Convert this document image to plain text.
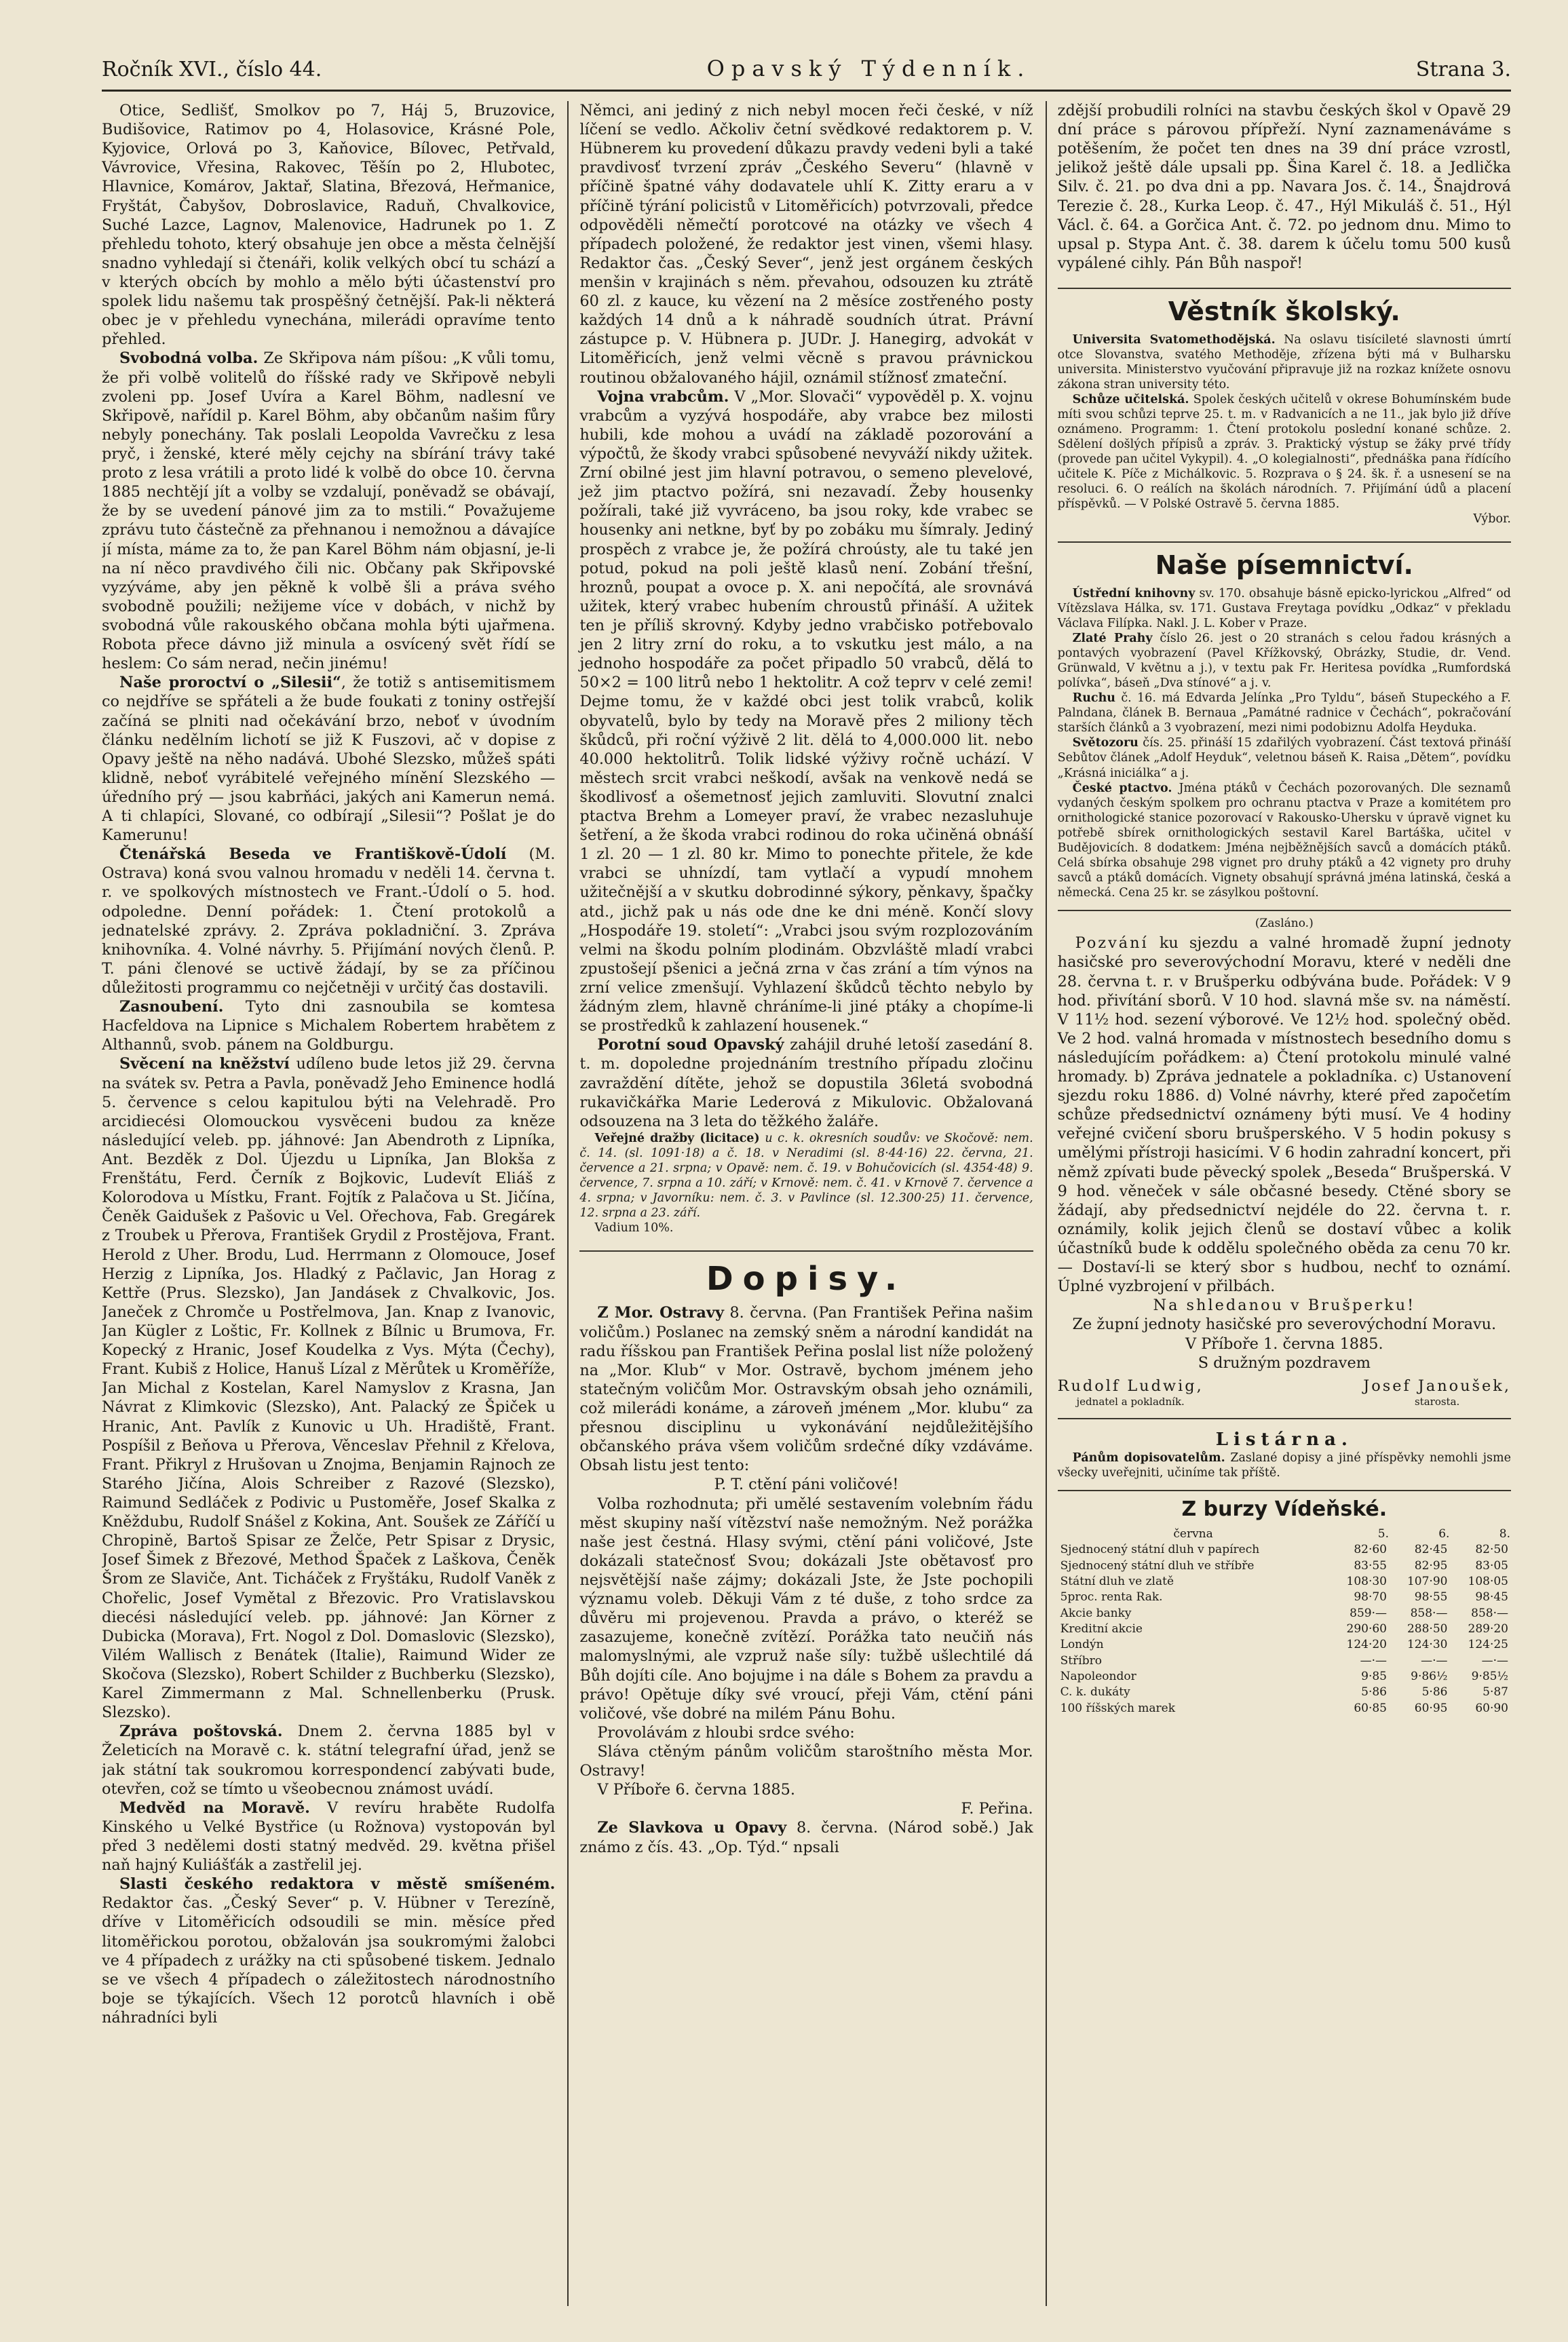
Ročník XVI., číslo 44.	Opavský Týdenník.	Strana 3.

Otice, Sedlišť, Smolkov po 7, Háj 5, Bruzovice, Budišovice, Ratimov po 4, Holasovice, Krásné Pole, Kyjovice, Orlová po 3, Kaňovice, Bílovec, Petřvald, Vávrovice, Vřesina, Rakovec, Těšín po 2, Hlubotec, Hlavnice, Komárov, Jaktař, Slatina, Březová, Heřmanice, Fryštát, Čabyšov, Dobroslavice, Raduň, Chvalkovice, Suché Lazce, Lagnov, Malenovice, Hadrunek po 1. Z přehledu tohoto, který obsahuje jen obce a města čelnější snadno vyhledají si čtenáři, kolik velkých obcí tu schází a v kterých obcích by mohlo a mělo býti účastenství pro spolek lidu našemu tak prospěšný četnější. Pak-li některá obec je v přehledu vynechána, milerádi opravíme tento přehled.

Svobodná volba. Ze Skřipova nám píšou: „K vůli tomu, že při volbě volitelů do říšské rady ve Skřipově nebyli zvoleni pp. Josef Uvíra a Karel Böhm, nadlesní ve Skřipově, nařídil p. Karel Böhm, aby občanům našim fůry nebyly ponechány. Tak poslali Leopolda Vavrečku z lesa pryč, i ženské, které měly cejchy na sbírání trávy také proto z lesa vrátili a proto lidé k volbě do obce 10. června 1885 nechtějí jít a volby se vzdalují, poněvadž se obávají, že by se uvedení pánové jim za to mstili.“ Považujeme zprávu tuto částečně za přehnanou i nemožnou a dávajíce jí místa, máme za to, že pan Karel Böhm nám objasní, je-li na ní něco pravdivého čili nic. Občany pak Skřipovské vyzýváme, aby jen pěkně k volbě šli a práva svého svobodně použili; nežijeme více v dobách, v nichž by svobodná vůle rakouského občana mohla býti ujařmena. Robota přece dávno již minula a osvícený svět řídí se heslem: Co sám nerad, nečin jinému!

Naše proroctví o „Silesii“, že totiž s antisemitismem co nejdříve se spřáteli a že bude foukati z toniny ostřejší začíná se plniti nad očekávání brzo, neboť v úvodním článku nedělním lichotí se již K Fuszovi, ač v dopise z Opavy ještě na něho nadává. Ubohé Slezsko, můžeš spáti klidně, neboť vyrábitelé veřejného mínění Slezského — úředního prý — jsou kabrňáci, jakých ani Kamerun nemá. A ti chlapíci, Slované, co odbírají „Silesii“? Pošlat je do Kamerunu!

Čtenářská Beseda ve Františkově-Údolí (M. Ostrava) koná svou valnou hromadu v neděli 14. června t. r. ve spolkových místnostech ve Frant.-Údolí o 5. hod. odpoledne. Denní pořádek: 1. Čtení protokolů a jednatelské zprávy. 2. Zpráva pokladniční. 3. Zpráva knihovníka. 4. Volné návrhy. 5. Přijímání nových členů. P. T. páni členové se uctivě žádají, by se za příčinou důležitosti programmu co nejčetněji v určitý čas dostavili.

Zasnoubení. Tyto dni zasnoubila se komtesa Hacfeldova na Lipnice s Michalem Robertem hrabětem z Althannů, svob. pánem na Goldburgu.

Svěcení na kněžství udíleno bude letos již 29. června na svátek sv. Petra a Pavla, poněvadž Jeho Eminence hodlá 5. července s celou kapitulou býti na Velehradě. Pro arcidiecési Olomouckou vysvěceni budou za kněze následující veleb. pp. jáhnové: Jan Abendroth z Lipníka, Ant. Bezděk z Dol. Újezdu u Lipníka, Jan Blokša z Frenštátu, Ferd. Černík z Bojkovic, Ludevít Eliáš z Kolorodova u Místku, Frant. Fojtík z Palačova u St. Jičína, Čeněk Gaidušek z Pašovic u Vel. Ořechova, Fab. Gregárek z Troubek u Přerova, František Grydil z Prostějova, Frant. Herold z Uher. Brodu, Lud. Herrmann z Olomouce, Josef Herzig z Lipníka, Jos. Hladký z Pačlavic, Jan Horag z Kettře (Prus. Slezsko), Jan Jandásek z Chvalkovic, Jos. Janeček z Chromče u Postřelmova, Jan. Knap z Ivanovic, Jan Kügler z Loštic, Fr. Kollnek z Bílnic u Brumova, Fr. Kopecký z Hranic, Josef Koudelka z Vys. Mýta (Čechy), Frant. Kubiš z Holice, Hanuš Lízal z Měrůtek u Kroměříže, Jan Michal z Kostelan, Karel Namyslov z Krasna, Jan Návrat z Klimkovic (Slezsko), Ant. Palacký ze Špiček u Hranic, Ant. Pavlík z Kunovic u Uh. Hradiště, Frant. Pospíšil z Beňova u Přerova, Věnceslav Přehnil z Křelova, Frant. Přikryl z Hrušovan u Znojma, Benjamin Rajnoch ze Starého Jičína, Alois Schreiber z Razové (Slezsko), Raimund Sedláček z Podivic u Pustoměře, Josef Skalka z Kněždubu, Rudolf Snášel z Kokina, Ant. Soušek ze Záříčí u Chropině, Bartoš Spisar ze Želče, Petr Spisar z Drysic, Josef Šimek z Březové, Method Špaček z Laškova, Čeněk Šrom ze Slaviče, Ant. Ticháček z Fryštáku, Rudolf Vaněk z Chořelic, Josef Vymětal z Březovic. Pro Vratislavskou diecési následující veleb. pp. jáhnové: Jan Körner z Dubicka (Morava), Frt. Nogol z Dol. Domaslovic (Slezsko), Vilém Wallisch z Benátek (Italie), Raimund Wider ze Skočova (Slezsko), Robert Schilder z Buchberku (Slezsko), Karel Zimmermann z Mal. Schnellenberku (Prusk. Slezsko).

Zpráva poštovská. Dnem 2. června 1885 byl v Želeticích na Moravě c. k. státní telegrafní úřad, jenž se jak státní tak soukromou korrespondencí zabývati bude, otevřen, což se tímto u všeobecnou známost uvádí.

Medvěd na Moravě. V revíru hraběte Rudolfa Kinského u Velké Bystřice (u Rožnova) vystopován byl před 3 nedělemi dosti statný medvěd. 29. května přišel naň hajný Kuliášťák a zastřelil jej.

Slasti českého redaktora v městě smíšeném. Redaktor čas. „Český Sever“ p. V. Hübner v Terezíně, dříve v Litoměřicích odsoudili se min. měsíce před litoměřickou porotou, obžalován jsa soukromými žalobci ve 4 případech z urážky na cti spůsobené tiskem. Jednalo se ve všech 4 případech o záležitostech národnostního boje se týkajících. Všech 12 porotců hlavních i obě náhradníci byli

Němci, ani jediný z nich nebyl mocen řeči české, v níž líčení se vedlo. Ačkoliv četní svědkové redaktorem p. V. Hübnerem ku provedení důkazu pravdy vedeni byli a také pravdivosť tvrzení zpráv „Českého Severu“ (hlavně v příčině špatné váhy dodavatele uhlí K. Zitty eraru a v příčině týrání policistů v Litoměřicích) potvrzovali, předce odpověděli němečtí porotcové na otázky ve všech 4 případech položené, že redaktor jest vinen, všemi hlasy. Redaktor čas. „Český Sever“, jenž jest orgánem českých menšin v krajinách s něm. převahou, odsouzen ku ztrátě 60 zl. z kauce, ku vězení na 2 měsíce zostřeného posty každých 14 dnů a k náhradě soudních útrat. Právní zástupce p. V. Hübnera p. JUDr. J. Hanegirg, advokát v Litoměřicích, jenž velmi věcně s pravou právnickou routinou obžalovaného hájil, oznámil stížnosť zmateční.

Vojna vrabcům. V „Mor. Slovači“ vypověděl p. X. vojnu vrabcům a vyzývá hospodáře, aby vrabce bez milosti hubili, kde mohou a uvádí na základě pozorování a výpočtů, že škody vrabci spůsobené nevyváží nikdy užitek. Zrní obilné jest jim hlavní potravou, o semeno plevelové, jež jim ptactvo požírá, sni nezavadí. Žeby housenky požírali, také již vyvráceno, ba jsou roky, kde vrabec se housenky ani netkne, byť by po zobáku mu šímraly. Jediný prospěch z vrabce je, že požírá chroústy, ale tu také jen potud, pokud na poli ještě klasů není. Zobání třešní, hroznů, poupat a ovoce p. X. ani nepočítá, ale srovnává užitek, který vrabec hubením chroustů přináší. A užitek ten je příliš skrovný. Kdyby jedno vrabčisko potřebovalo jen 2 litry zrní do roku, a to vskutku jest málo, a na jednoho hospodáře za počet připadlo 50 vrabců, dělá to 50×2 = 100 litrů nebo 1 hektolitr. A což teprv v celé zemi! Dejme tomu, že v každé obci jest tolik vrabců, kolik obyvatelů, bylo by tedy na Moravě přes 2 miliony těch škůdců, při roční výživě 2 lit. dělá to 4,000.000 lit. nebo 40.000 hektolitrů. Tolik lidské výživy ročně uchází. V městech srcit vrabci neškodí, avšak na venkově nedá se škodlivosť a ošemetnosť jejich zamluviti. Slovutní znalci ptactva Brehm a Lomeyer praví, že vrabec nezasluhuje šetření, a že škoda vrabci rodinou do roka učiněná obnáší 1 zl. 20 — 1 zl. 80 kr. Mimo to ponechte přitele, že kde vrabci se uhnízdí, tam vytlačí a vypudí mnohem užitečnější a v skutku dobrodinné sýkory, pěnkavy, špačky atd., jichž pak u nás ode dne ke dni méně. Končí slovy „Hospodáře 19. století“: „Vrabci jsou svým rozplozováním velmi na škodu polním plodinám. Obzvláště mladí vrabci zpustošejí pšenici a ječná zrna v čas zrání a tím výnos na zrní velice zmenšují. Vyhlazení škůdců těchto nebylo by žádným zlem, hlavně chráníme-li jiné ptáky a chopíme-li se prostředků k zahlazení housenek.“

Porotní soud Opavský zahájil druhé letoší zasedání 8. t. m. dopoledne projednáním trestního případu zločinu zavraždění dítěte, jehož se dopustila 36letá svobodná rukavičkářka Marie Lederová z Mikulovic. Obžalovaná odsouzena na 3 leta do těžkého žaláře.

Veřejné dražby (licitace) u c. k. okresních soudův: ve Skočově: nem. č. 14. (sl. 1091·18) a č. 18. v Neradimi (sl. 8·44·16) 22. června, 21. července a 21. srpna; v Opavě: nem. č. 19. v Bohučovicích (sl. 4354·48) 9. července, 7. srpna a 10. září; v Krnově: nem. č. 41. v Krnově 7. července a 4. srpna; v Javorníku: nem. č. 3. v Pavlince (sl. 12.300·25) 11. července, 12. srpna a 23. září.

Vadium 10%.

Dopisy.

Z Mor. Ostravy 8. června. (Pan František Peřina našim voličům.) Poslanec na zemský sněm a národní kandidát na radu říšskou pan František Peřina poslal list níže položený na „Mor. Klub“ v Mor. Ostravě, bychom jménem jeho statečným voličům Mor. Ostravským obsah jeho oznámili, což milerádi konáme, a zároveň jménem „Mor. klubu“ za přesnou disciplinu u vykonávání nejdůležitějšího občanského práva všem voličům srdečné díky vzdáváme. Obsah listu jest tento:

P. T. ctění páni voličové!

Volba rozhodnuta; při umělé sestavením volebním řádu měst skupiny naší vítězství naše nemožným. Než porážka naše jest čestná. Hlasy svými, ctění páni voličové, Jste dokázali statečnosť Svou; dokázali Jste obětavosť pro nejsvětější naše zájmy; dokázali Jste, že Jste pochopili významu voleb. Děkuji Vám z té duše, z toho srdce za důvěru mi projevenou. Pravda a právo, o kteréž se zasazujeme, konečně zvítězí. Porážka tato neučiň nás malomyslnými, ale vzpruž naše síly: tužbě ušlechtilé dá Bůh dojíti cíle. Ano bojujme i na dále s Bohem za pravdu a právo! Opětuje díky své vroucí, přeji Vám, ctění páni voličové, vše dobré na milém Pánu Bohu.

Provolávám z hloubi srdce svého:

Sláva ctěným pánům voličům staroštního města Mor. Ostravy!

V Příboře 6. června 1885.

F. Peřina.

Ze Slavkova u Opavy 8. června. (Národ sobě.) Jak známo z čís. 43. „Op. Týd.“ npsali

zdější probudili rolníci na stavbu českých škol v Opavě 29 dní práce s párovou přípřeží. Nyní zaznamenáváme s potěšením, že počet ten dnes na 39 dní práce vzrostl, jelikož ještě dále upsali pp. Šina Karel č. 18. a Jedlička Silv. č. 21. po dva dni a pp. Navara Jos. č. 14., Šnajdrová Terezie č. 28., Kurka Leop. č. 47., Hýl Mikuláš č. 51., Hýl Václ. č. 64. a Gorčica Ant. č. 72. po jednom dnu. Mimo to upsal p. Stypa Ant. č. 38. darem k účelu tomu 500 kusů vypálené cihly. Pán Bůh naspoř!

Věstník školský.

Universita Svatomethodějská. Na oslavu tisícileté slavnosti úmrtí otce Slovanstva, svatého Methoděje, zřízena býti má v Bulharsku universita. Ministerstvo vyučování připravuje již na rozkaz knížete osnovu zákona stran university této.

Schůze učitelská. Spolek českých učitelů v okrese Bohumínském bude míti svou schůzi teprve 25. t. m. v Radvanicích a ne 11., jak bylo již dříve oznámeno. Programm: 1. Čtení protokolu poslední konané schůze. 2. Sdělení došlých přípisů a zpráv. 3. Praktický výstup se žáky prvé třídy (provede pan učitel Vykypil). 4. „O kolegialnosti“, přednáška pana řídícího učitele K. Píče z Michálkovic. 5. Rozprava o § 24. šk. ř. a usnesení se na resoluci. 6. O reálích na školách národních. 7. Přijímání údů a placení příspěvků. — V Polské Ostravě 5. června 1885.

Výbor.

Naše písemnictví.

Ústřední knihovny sv. 170. obsahuje básně epicko-lyrickou „Alfred“ od Vítězslava Hálka, sv. 171. Gustava Freytaga povídku „Odkaz“ v překladu Václava Filípka. Nakl. J. L. Kober v Praze.

Zlaté Prahy číslo 26. jest o 20 stranách s celou řadou krásných a pontavých vyobrazení (Pavel Křížkovský, Obrázky, Studie, dr. Vend. Grünwald, V květnu a j.), v textu pak Fr. Heritesa povídka „Rumfordská polívka“, báseň „Dva stínové“ a j. v.

Ruchu č. 16. má Edvarda Jelínka „Pro Tyldu“, báseň Stupeckého a F. Palndana, článek B. Bernaua „Památné radnice v Čechách“, pokračování starších článků a 3 vyobrazení, mezi nimi podobiznu Adolfa Heyduka.

Světozoru čís. 25. přináší 15 zdařilých vyobrazení. Část textová přináší Sebůtov článek „Adolf Heyduk“, veletnou báseň K. Raisa „Dětem“, povídku „Krásná iniciálka“ a j.

České ptactvo. Jména ptáků v Čechách pozorovaných. Dle seznamů vydaných českým spolkem pro ochranu ptactva v Praze a komitétem pro ornithologické stanice pozorovací v Rakousko-Uhersku v úpravě vignet ku potřebě sbírek ornithologických sestavil Karel Bartáška, učitel v Budějovicích. 8 dodatkem: Jména nejběžnějších savců a domácích ptáků. Celá sbírka obsahuje 298 vignet pro druhy ptáků a 42 vignety pro druhy savců a ptáků domácích. Vignety obsahují správná jména latinská, česká a německá. Cena 25 kr. se zásylkou poštovní.

(Zasláno.)

Pozvání ku sjezdu a valné hromadě župní jednoty hasičské pro severovýchodní Moravu, které v neděli dne 28. června t. r. v Brušperku odbývána bude. Pořádek: V 9 hod. přivítání sborů. V 10 hod. slavná mše sv. na náměstí. V 11½ hod. sezení výborové. Ve 12½ hod. společný oběd. Ve 2 hod. valná hromada v místnostech besedního domu s následujícím pořádkem: a) Čtení protokolu minulé valné hromady. b) Zpráva jednatele a pokladníka. c) Ustanovení sjezdu roku 1886. d) Volné návrhy, které před započetím schůze předsednictví oznámeny býti musí. Ve 4 hodiny veřejné cvičení sboru brušperského. V 5 hodin pokusy s umělými přístroji hasicími. V 6 hodin zahradní koncert, při němž zpívati bude pěvecký spolek „Beseda“ Brušperská. V 9 hod. věneček v sále občasné besedy. Ctěné sbory se žádají, aby předsednictví nejdéle do 22. června t. r. oznámily, kolik jejich členů se dostaví vůbec a kolik účastníků bude k oddělu společného oběda za cenu 70 kr. — Dostaví-li se který sbor s hudbou, nechť to oznámí. Úplné vyzbrojení v přilbách.

Na shledanou v Brušperku!

Ze župní jednoty hasičské pro severovýchodní Moravu.

V Příboře 1. června 1885.

S družným pozdravem

Rudolf Ludwig,
jednatel a pokladník.
Josef Janoušek,
starosta.
Listárna.

Pánům dopisovatelům. Zaslané dopisy a jiné příspěvky nemohli jsme všecky uveřejniti, učiníme tak příště.

Z burzy Vídeňské.
června	5.	6.	8.
Sjednocený státní dluh v papírech	82·60	82·45	82·50
Sjednocený státní dluh ve stříbře	83·55	82·95	83·05
Státní dluh ve zlatě	108·30	107·90	108·05
5proc. renta Rak.	98·70	98·55	98·45
Akcie banky	859·—	858·—	858·—
Kreditní akcie	290·60	288·50	289·20
Londýn	124·20	124·30	124·25
Stříbro	—·—	—·—	—·—
Napoleondor	9·85	9·86½	9·85½
C. k. dukáty	5·86	5·86	5·87
100 říšských marek	60·85	60·95	60·90
